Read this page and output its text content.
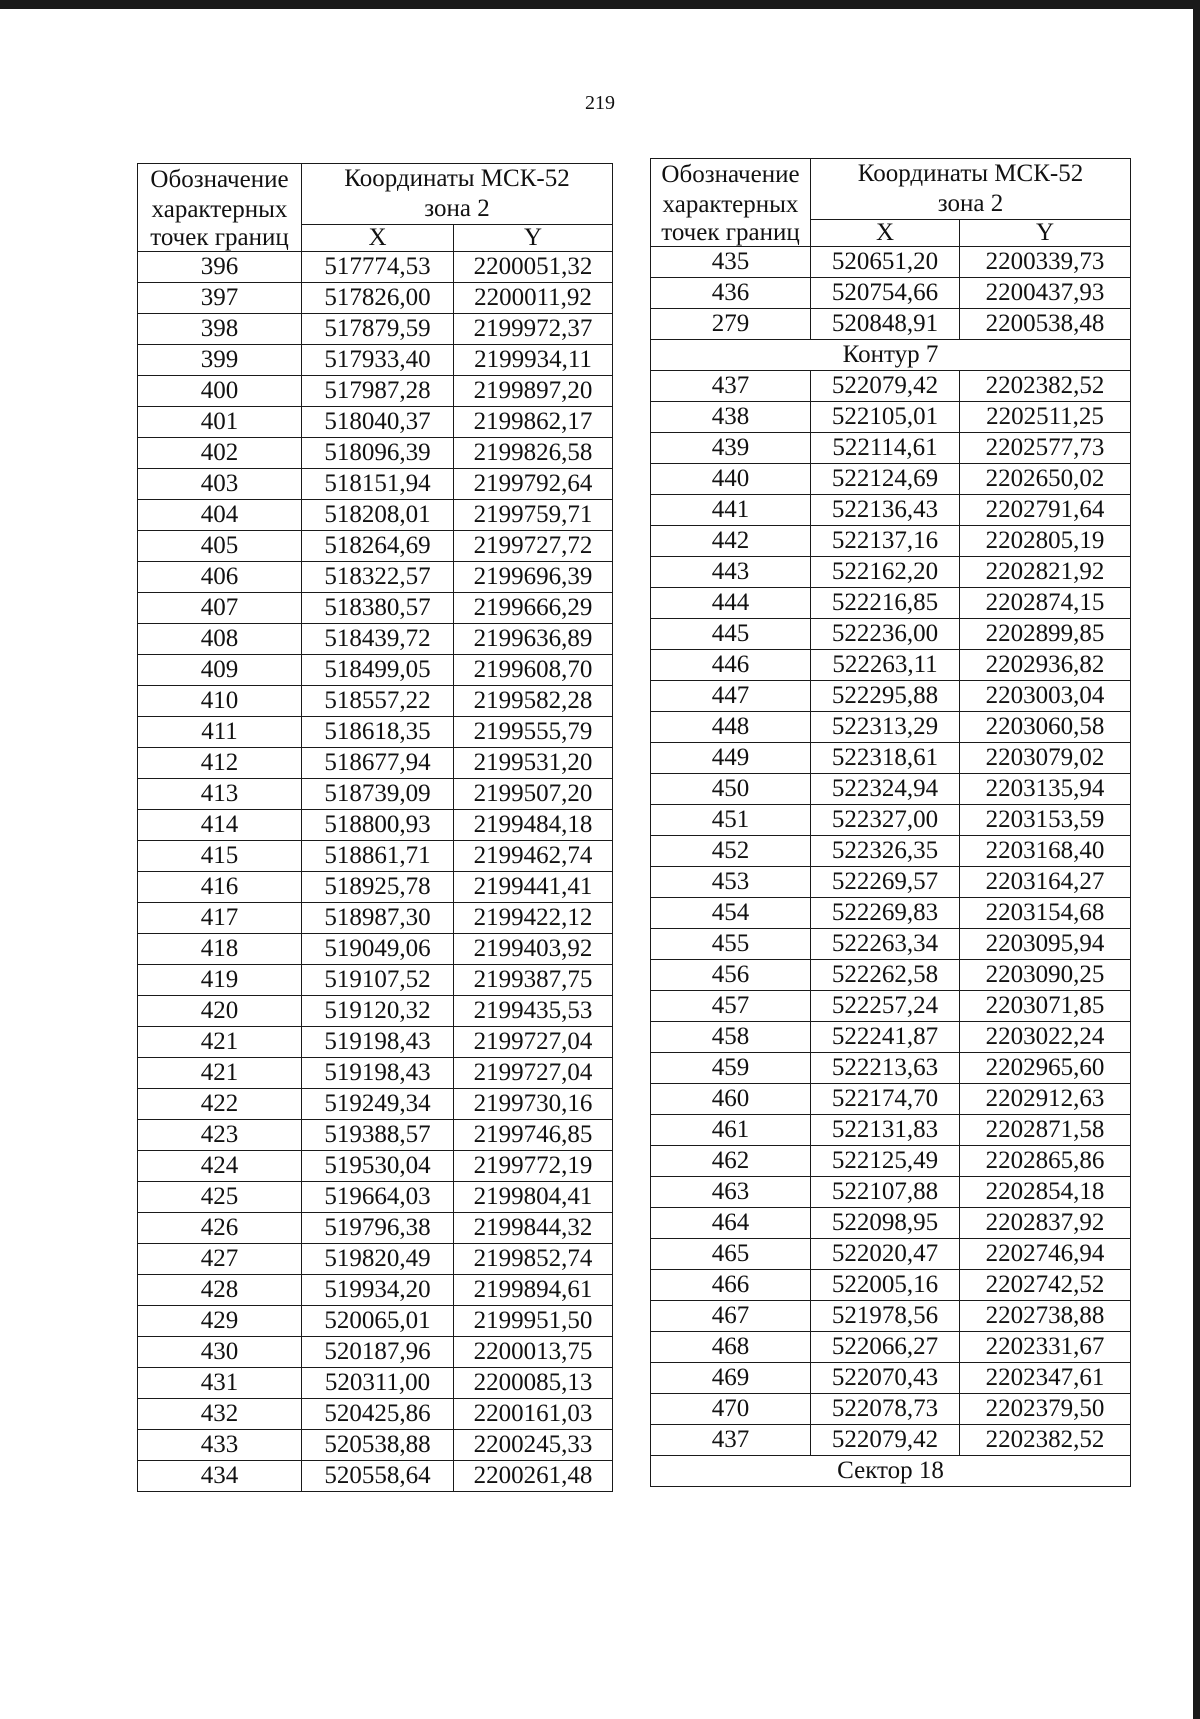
219
Обозначение
характерных
точек границ	Координаты МСК-52
зона 2	

	X	Y
396	517774,53	2200051,32
397	517826,00	2200011,92
398	517879,59	2199972,37
399	517933,40	2199934,11
400	517987,28	2199897,20
401	518040,37	2199862,17
402	518096,39	2199826,58
403	518151,94	2199792,64
404	518208,01	2199759,71
405	518264,69	2199727,72
406	518322,57	2199696,39
407	518380,57	2199666,29
408	518439,72	2199636,89
409	518499,05	2199608,70
410	518557,22	2199582,28
411	518618,35	2199555,79
412	518677,94	2199531,20
413	518739,09	2199507,20
414	518800,93	2199484,18
415	518861,71	2199462,74
416	518925,78	2199441,41
417	518987,30	2199422,12
418	519049,06	2199403,92
419	519107,52	2199387,75
420	519120,32	2199435,53
421	519198,43	2199727,04
421	519198,43	2199727,04
422	519249,34	2199730,16
423	519388,57	2199746,85
424	519530,04	2199772,19
425	519664,03	2199804,41
426	519796,38	2199844,32
427	519820,49	2199852,74
428	519934,20	2199894,61
429	520065,01	2199951,50
430	520187,96	2200013,75
431	520311,00	2200085,13
432	520425,86	2200161,03
433	520538,88	2200245,33
434	520558,64	2200261,48
Обозначение
характерных
точек границ	Координаты МСК-52
зона 2	

	X	Y
435	520651,20	2200339,73
436	520754,66	2200437,93
279	520848,91	2200538,48
Контур 7		
437	522079,42	2202382,52
438	522105,01	2202511,25
439	522114,61	2202577,73
440	522124,69	2202650,02
441	522136,43	2202791,64
442	522137,16	2202805,19
443	522162,20	2202821,92
444	522216,85	2202874,15
445	522236,00	2202899,85
446	522263,11	2202936,82
447	522295,88	2203003,04
448	522313,29	2203060,58
449	522318,61	2203079,02
450	522324,94	2203135,94
451	522327,00	2203153,59
452	522326,35	2203168,40
453	522269,57	2203164,27
454	522269,83	2203154,68
455	522263,34	2203095,94
456	522262,58	2203090,25
457	522257,24	2203071,85
458	522241,87	2203022,24
459	522213,63	2202965,60
460	522174,70	2202912,63
461	522131,83	2202871,58
462	522125,49	2202865,86
463	522107,88	2202854,18
464	522098,95	2202837,92
465	522020,47	2202746,94
466	522005,16	2202742,52
467	521978,56	2202738,88
468	522066,27	2202331,67
469	522070,43	2202347,61
470	522078,73	2202379,50
437	522079,42	2202382,52
Сектор 18		
